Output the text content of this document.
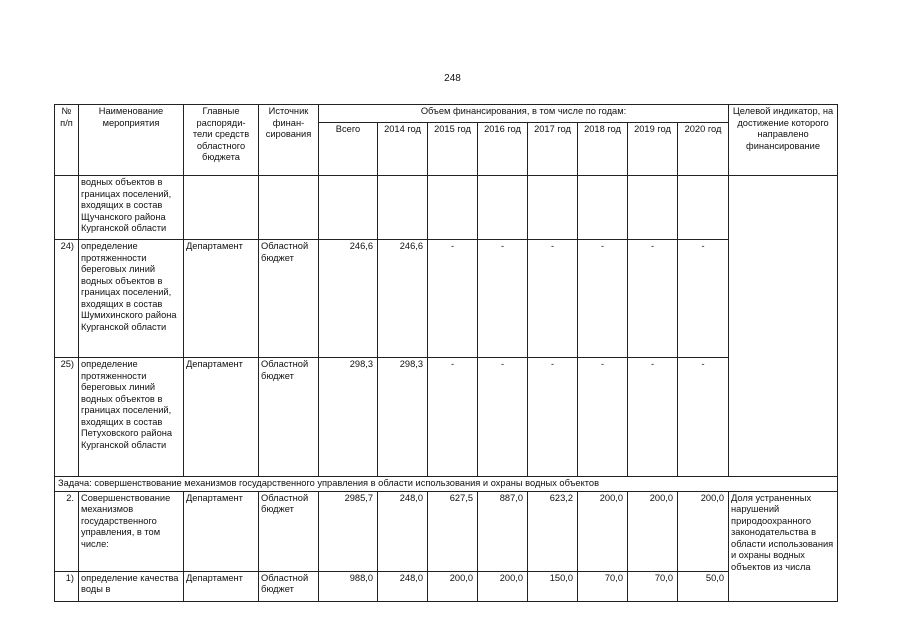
248
№ п/п	Наименование мероприятия	Главные распоряди- тели средств областного бюджета	Источник финан- сирования	Объем финансирования, в том числе по годам:								Целевой индикатор, на достижение которого направлено финансирование
				Всего	2014 год	2015 год	2016 год	2017 год	2018 год	2019 год	2020 год	
	водных объектов в границах поселений, входящих в состав Щучанского района Курганской области											
24)	определение протяженности береговых линий водных объектов в границах поселений, входящих в состав Шумихинского района Курганской области	Департамент	Областной бюджет	246,6	246,6	-	-	-	-	-	-	
25)	определение протяженности береговых линий водных объектов в границах поселений, входящих в состав Петуховского района Курганской области	Департамент	Областной бюджет	298,3	298,3	-	-	-	-	-	-	
Задача: совершенствование механизмов государственного управления в области использования и охраны водных объектов												
2.	Совершенствование механизмов государственного управления, в том числе:	Департамент	Областной бюджет	2985,7	248,0	627,5	887,0	623,2	200,0	200,0	200,0	Доля устраненных нарушений природоохранного законодательства в области использования и охраны водных объектов из числа
1)	определение качества воды в	Департамент	Областной бюджет	988,0	248,0	200,0	200,0	150,0	70,0	70,0	50,0	
